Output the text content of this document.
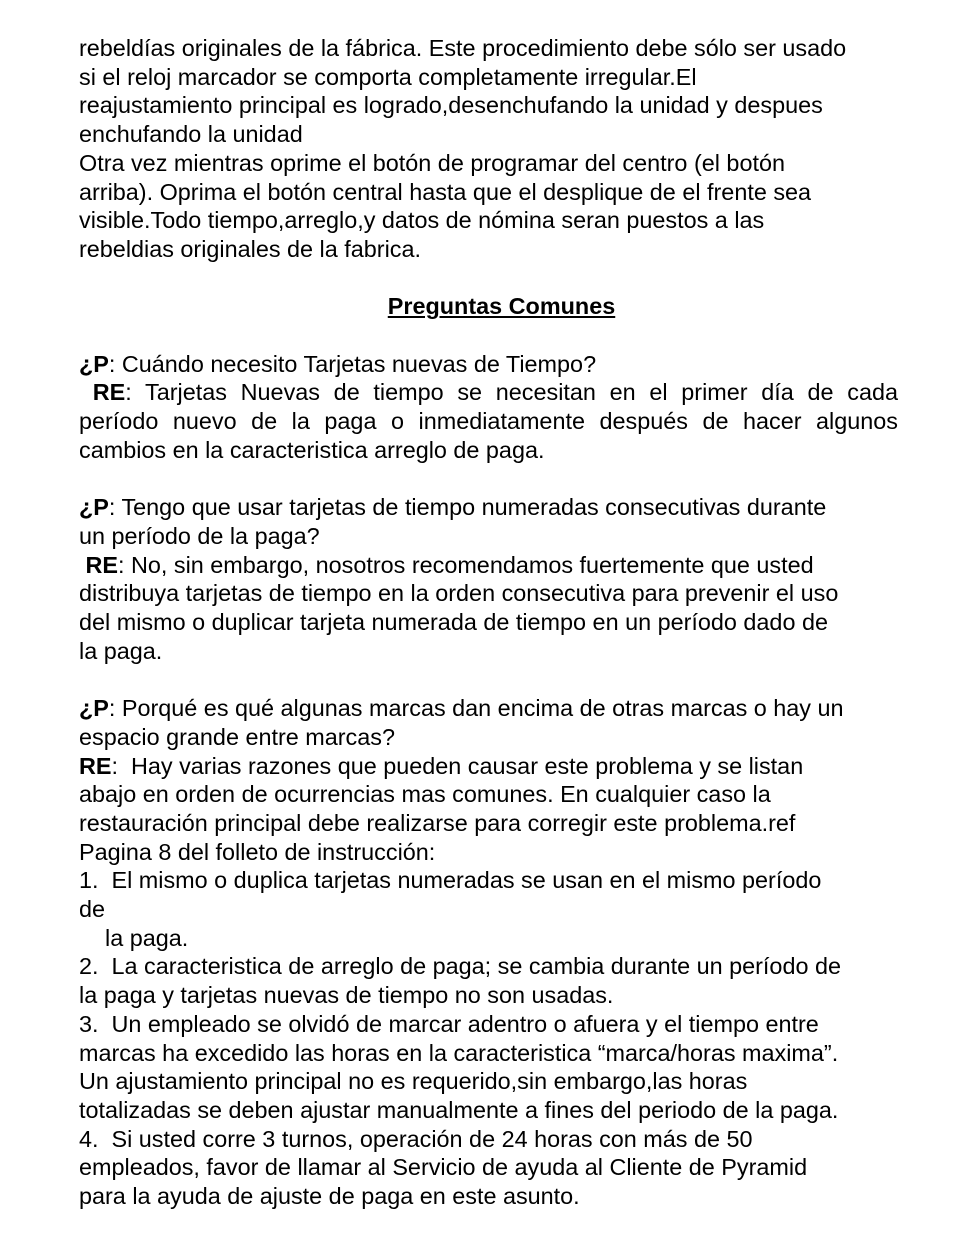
rebeldías originales de la fábrica. Este procedimiento debe sólo ser usado
si el reloj marcador se comporta completamente irregular.El
reajustamiento principal es logrado,desenchufando la unidad y despues
enchufando la unidad
Otra vez mientras oprime el botón de programar del centro (el botón
arriba). Oprima el botón central hasta que el desplique de el frente sea
visible.Todo tiempo,arreglo,y datos de nómina seran puestos a las
rebeldias originales de la fabrica.

Preguntas Comunes

¿P: Cuándo necesito Tarjetas nuevas de Tiempo?
RE: Tarjetas Nuevas de tiempo se necesitan en el primer día de cada
período nuevo de la paga o inmediatamente después de hacer algunos
cambios en la caracteristica arreglo de paga.
¿P: Tengo que usar tarjetas de tiempo numeradas consecutivas durante
un período de la paga?
RE: No, sin embargo, nosotros recomendamos fuertemente que usted
distribuya tarjetas de tiempo en la orden consecutiva para prevenir el uso
del mismo o duplicar tarjeta numerada de tiempo en un período dado de
la paga.
¿P: Porqué es qué algunas marcas dan encima de otras marcas o hay un
espacio grande entre marcas?
RE:  Hay varias razones que pueden causar este problema y se listan
abajo en orden de ocurrencias mas comunes. En cualquier caso la
restauración principal debe realizarse para corregir este problema.ref
Pagina 8 del folleto de instrucción:
1.  El mismo o duplica tarjetas numeradas se usan en el mismo período
de
la paga.
2.  La caracteristica de arreglo de paga; se cambia durante un período de
la paga y tarjetas nuevas de tiempo no son usadas.
3.  Un empleado se olvidó de marcar adentro o afuera y el tiempo entre
marcas ha excedido las horas en la caracteristica “marca/horas maxima”.
Un ajustamiento principal no es requerido,sin embargo,las horas
totalizadas se deben ajustar manualmente a fines del periodo de la paga.
4.  Si usted corre 3 turnos, operación de 24 horas con más de 50
empleados, favor de llamar al Servicio de ayuda al Cliente de Pyramid
para la ayuda de ajuste de paga en este asunto.
